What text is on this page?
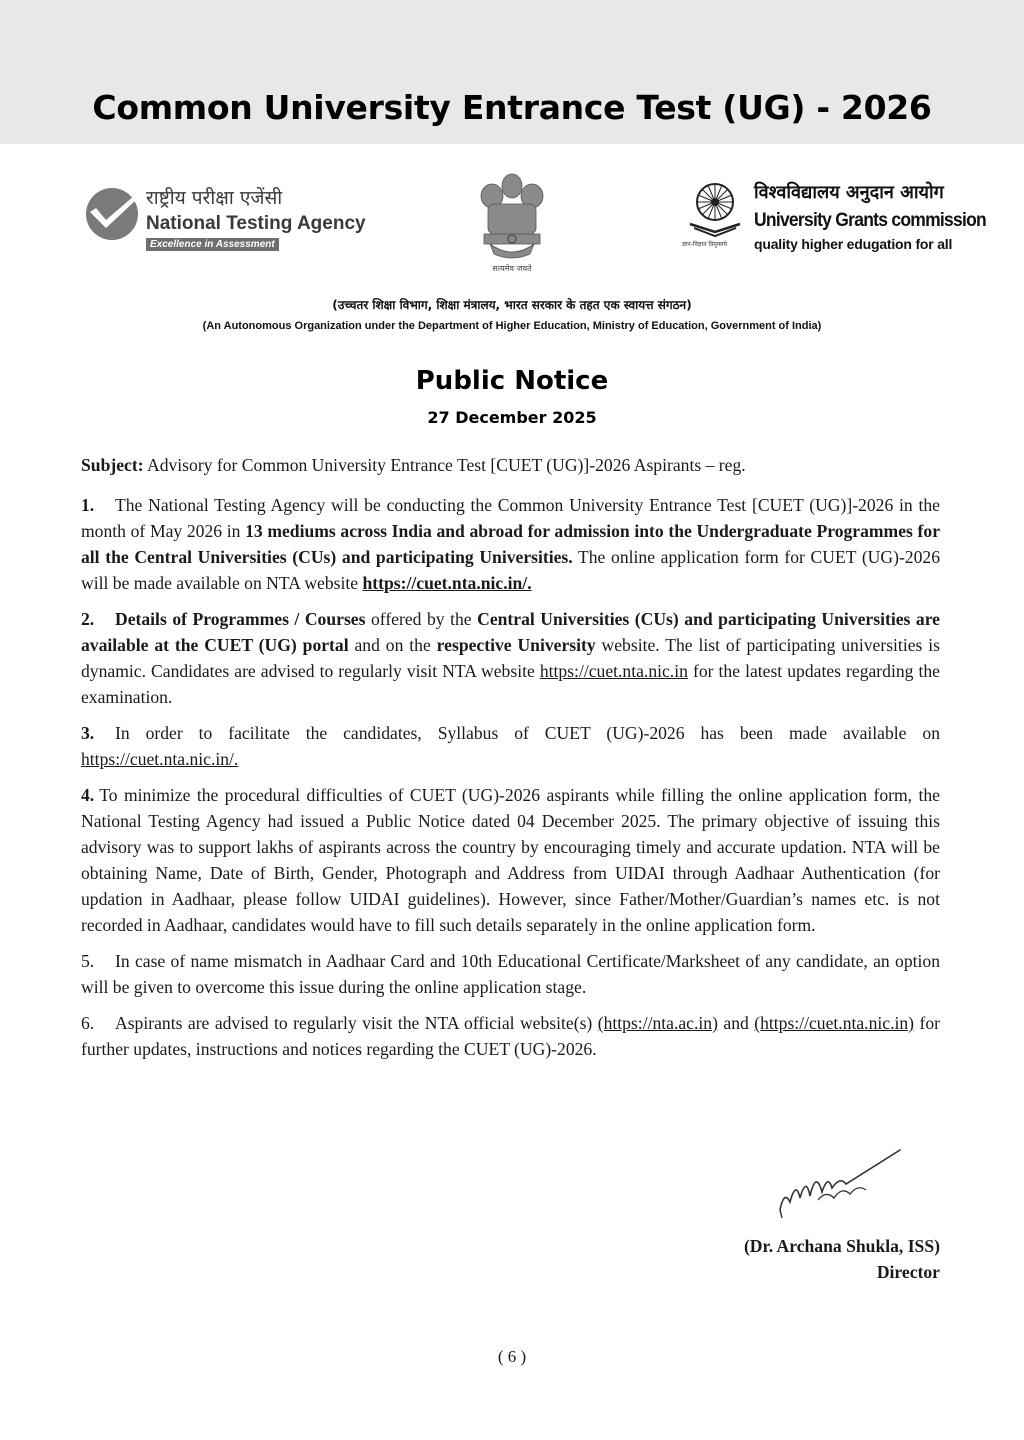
Common University Entrance Test (UG) - 2026
राष्ट्रीय परीक्षा एजेंसी
National Testing Agency
Excellence in Assessment
सत्यमेव जयते
ज्ञान-विज्ञान विमुक्तये
विश्वविद्यालय अनुदान आयोग
University Grants commission
quality higher edugation for all
(उच्चतर शिक्षा विभाग, शिक्षा मंत्रालय, भारत सरकार के तहत एक स्वायत्त संगठन)
(An Autonomous Organization under the Department of Higher Education, Ministry of Education, Government of India)
Public Notice
27 December 2025

Subject: Advisory for Common University Entrance Test [CUET (UG)]-2026 Aspirants – reg.

1. The National Testing Agency will be conducting the Common University Entrance Test [CUET (UG)]-2026 in the month of May 2026 in 13 mediums across India and abroad for admission into the Undergraduate Programmes for all the Central Universities (CUs) and participating Universities. The online application form for CUET (UG)-2026 will be made available on NTA website https://cuet.nta.nic.in/.

2. Details of Programmes / Courses offered by the Central Universities (CUs) and participating Universities are available at the CUET (UG) portal and on the respective University website. The list of participating universities is dynamic. Candidates are advised to regularly visit NTA website https://cuet.nta.nic.in for the latest updates regarding the examination.

3. In order to facilitate the candidates, Syllabus of CUET (UG)-2026 has been made available on https://cuet.nta.nic.in/.

4. To minimize the procedural difficulties of CUET (UG)-2026 aspirants while filling the online application form, the National Testing Agency had issued a Public Notice dated 04 December 2025. The primary objective of issuing this advisory was to support lakhs of aspirants across the country by encouraging timely and accurate updation. NTA will be obtaining Name, Date of Birth, Gender, Photograph and Address from UIDAI through Aadhaar Authentication (for updation in Aadhaar, please follow UIDAI guidelines). However, since Father/Mother/Guardian’s names etc. is not recorded in Aadhaar, candidates would have to fill such details separately in the online application form.

5. In case of name mismatch in Aadhaar Card and 10th Educational Certificate/Marksheet of any candidate, an option will be given to overcome this issue during the online application stage.

6. Aspirants are advised to regularly visit the NTA official website(s) (https://nta.ac.in) and (https://cuet.nta.nic.in) for further updates, instructions and notices regarding the CUET (UG)-2026.

(Dr. Archana Shukla, ISS)
Director
( 6 )
